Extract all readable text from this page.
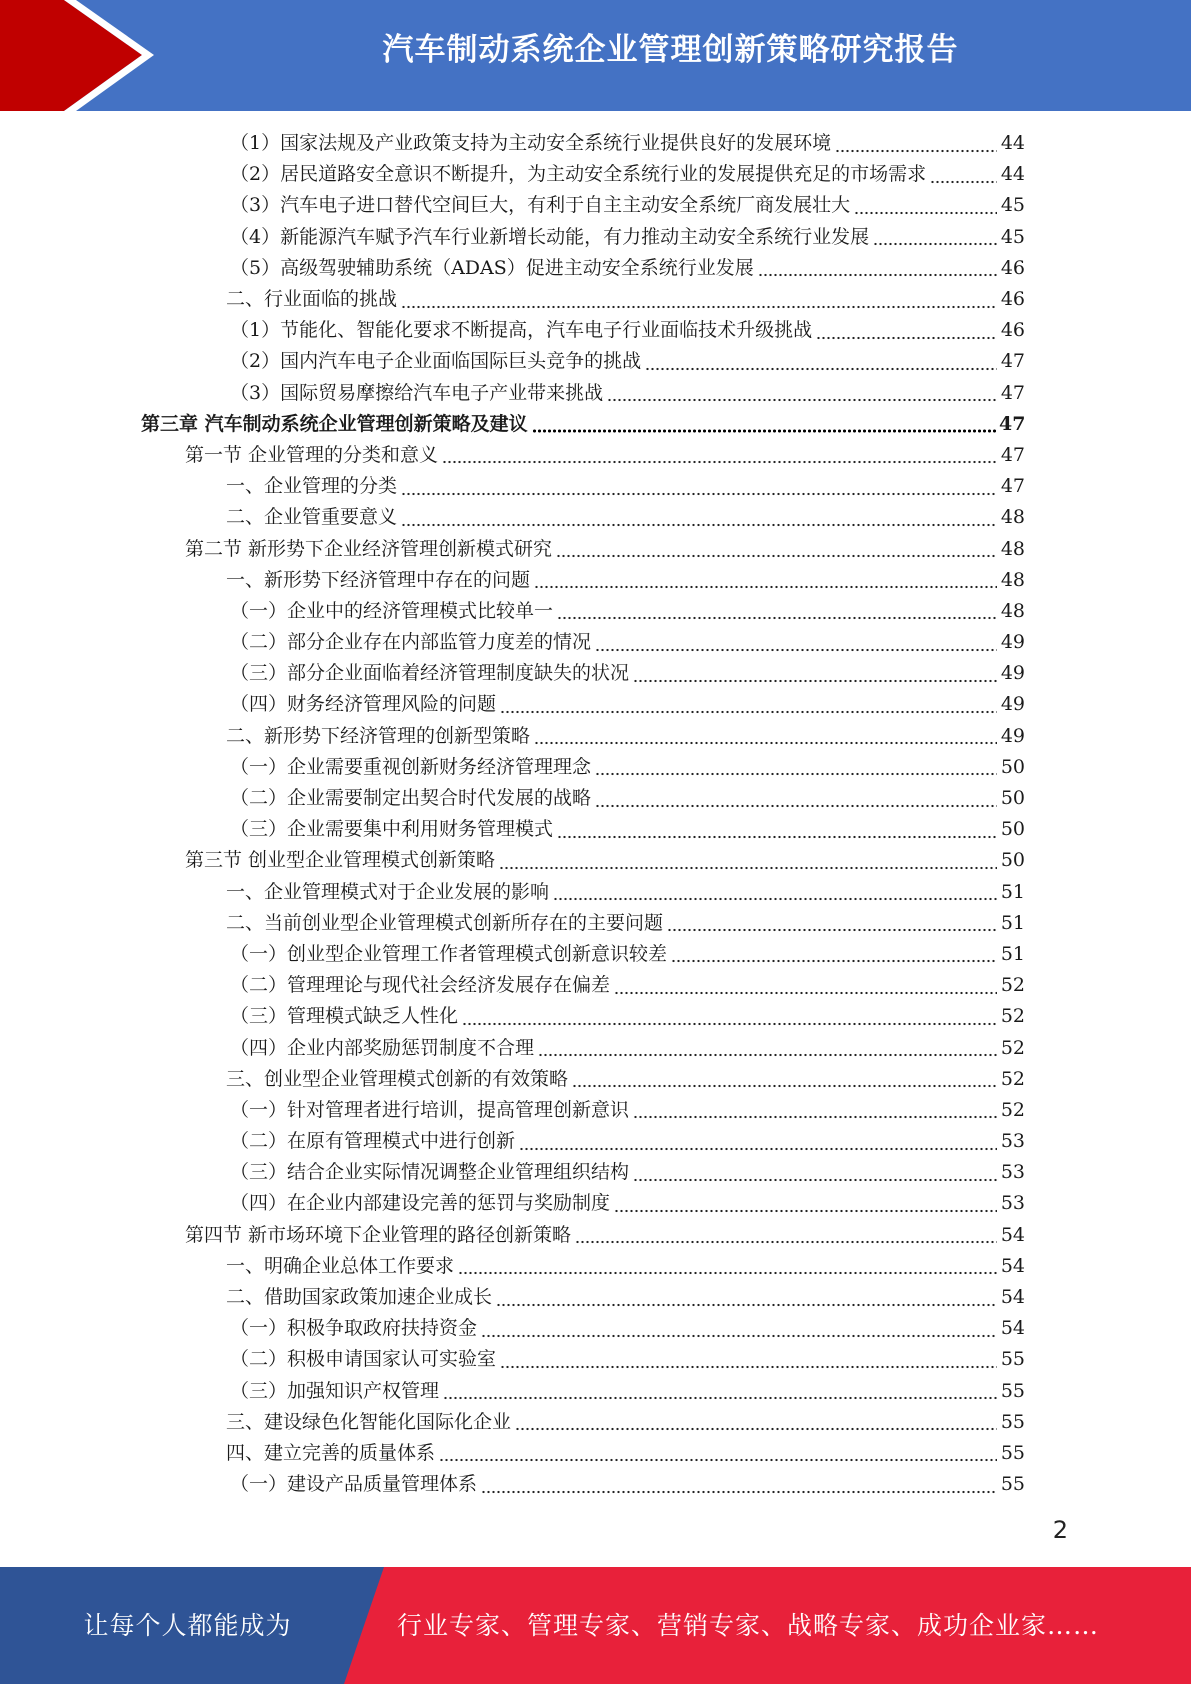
汽车制动系统企业管理创新策略研究报告
（1）国家法规及产业政策支持为主动安全系统行业提供良好的发展环境	44
（2）居民道路安全意识不断提升，为主动安全系统行业的发展提供充足的市场需求	44
（3）汽车电子进口替代空间巨大，有利于自主主动安全系统厂商发展壮大	45
（4）新能源汽车赋予汽车行业新增长动能，有力推动主动安全系统行业发展	45
（5）高级驾驶辅助系统（ADAS）促进主动安全系统行业发展	46
二、行业面临的挑战	46
（1）节能化、智能化要求不断提高，汽车电子行业面临技术升级挑战	46
（2）国内汽车电子企业面临国际巨头竞争的挑战	47
（3）国际贸易摩擦给汽车电子产业带来挑战	47
第三章 汽车制动系统企业管理创新策略及建议	47
第一节 企业管理的分类和意义	47
一、企业管理的分类	47
二、企业管重要意义	48
第二节 新形势下企业经济管理创新模式研究	48
一、新形势下经济管理中存在的问题	48
（一）企业中的经济管理模式比较单一	48
（二）部分企业存在内部监管力度差的情况	49
（三）部分企业面临着经济管理制度缺失的状况	49
（四）财务经济管理风险的问题	49
二、新形势下经济管理的创新型策略	49
（一）企业需要重视创新财务经济管理理念	50
（二）企业需要制定出契合时代发展的战略	50
（三）企业需要集中利用财务管理模式	50
第三节 创业型企业管理模式创新策略	50
一、企业管理模式对于企业发展的影响	51
二、当前创业型企业管理模式创新所存在的主要问题	51
（一）创业型企业管理工作者管理模式创新意识较差	51
（二）管理理论与现代社会经济发展存在偏差	52
（三）管理模式缺乏人性化	52
（四）企业内部奖励惩罚制度不合理	52
三、创业型企业管理模式创新的有效策略	52
（一）针对管理者进行培训，提高管理创新意识	52
（二）在原有管理模式中进行创新	53
（三）结合企业实际情况调整企业管理组织结构	53
（四）在企业内部建设完善的惩罚与奖励制度	53
第四节 新市场环境下企业管理的路径创新策略	54
一、明确企业总体工作要求	54
二、借助国家政策加速企业成长	54
（一）积极争取政府扶持资金	54
（二）积极申请国家认可实验室	55
（三）加强知识产权管理	55
三、建设绿色化智能化国际化企业	55
四、建立完善的质量体系	55
（一）建设产品质量管理体系	55
2
让每个人都能成为	行业专家、管理专家、营销专家、战略专家、成功企业家……
